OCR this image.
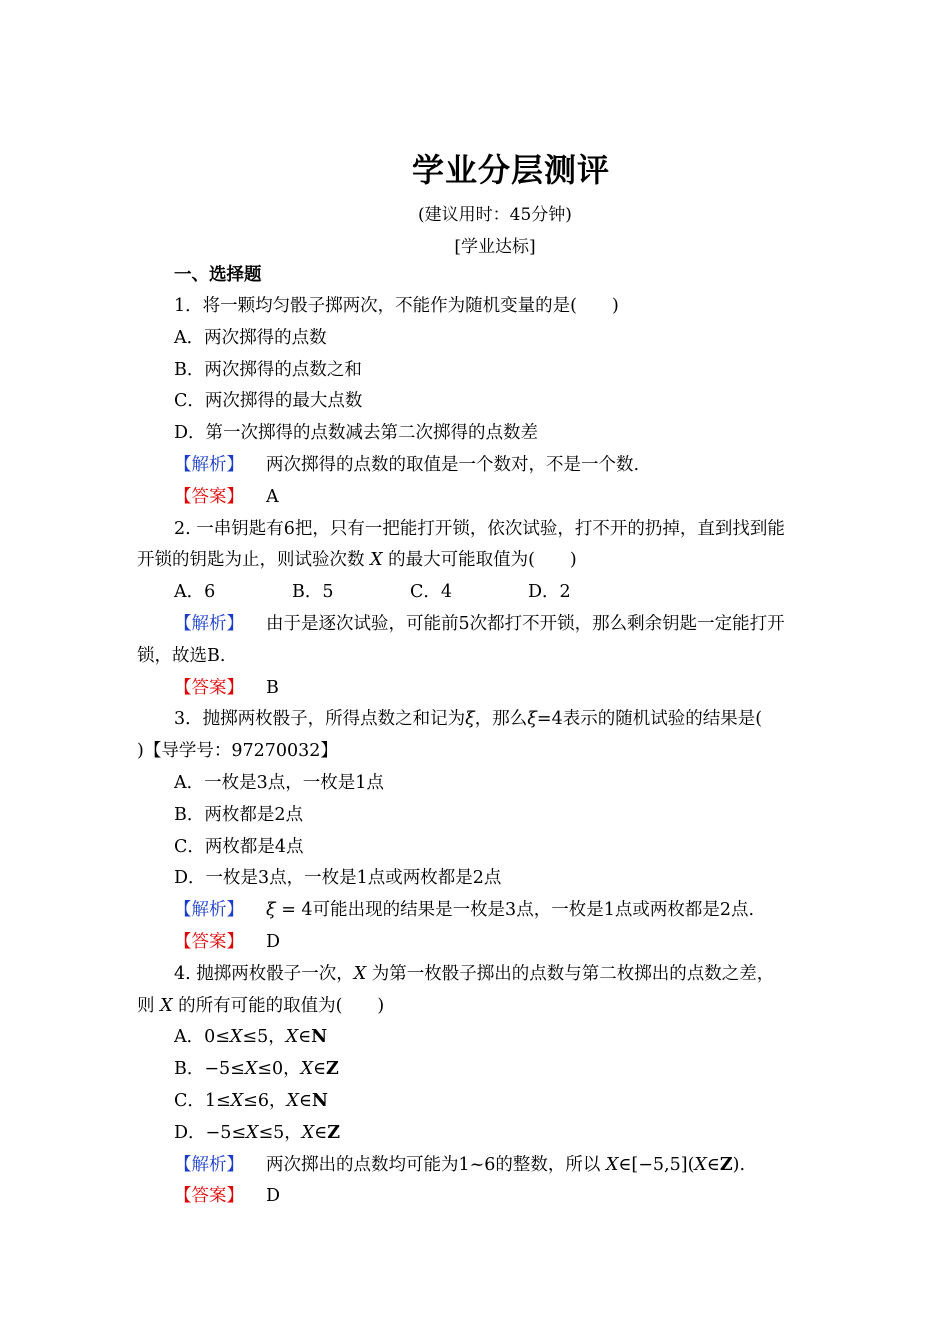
学业分层测评
(建议用时：45分钟)
[学业达标]
一、选择题
1．将一颗均匀骰子掷两次，不能作为随机变量的是(　　)
A．两次掷得的点数
B．两次掷得的点数之和
C．两次掷得的最大点数
D．第一次掷得的点数减去第二次掷得的点数差
【解析】 两次掷得的点数的取值是一个数对，不是一个数.
【答案】 A
2. 一串钥匙有6把，只有一把能打开锁，依次试验，打不开的扔掉，直到找到能
开锁的钥匙为止，则试验次数 X 的最大可能取值为(　　)
A．6	B．5	C．4	D．2
【解析】 由于是逐次试验，可能前5次都打不开锁，那么剩余钥匙一定能打开
锁，故选B.
【答案】 B
3．抛掷两枚骰子，所得点数之和记为ξ，那么ξ=4表示的随机试验的结果是(
)【导学号：97270032】
A．一枚是3点，一枚是1点
B．两枚都是2点
C．两枚都是4点
D．一枚是3点，一枚是1点或两枚都是2点
【解析】 ξ = 4可能出现的结果是一枚是3点，一枚是1点或两枚都是2点.
【答案】 D
4. 抛掷两枚骰子一次，X 为第一枚骰子掷出的点数与第二枚掷出的点数之差，
则 X 的所有可能的取值为(　　)
A．0≤X≤5，X∈N
B．−5≤X≤0，X∈Z
C．1≤X≤6，X∈N
D．−5≤X≤5，X∈Z
【解析】 两次掷出的点数均可能为1~6的整数，所以 X∈[−5,5](X∈Z).
【答案】 D
